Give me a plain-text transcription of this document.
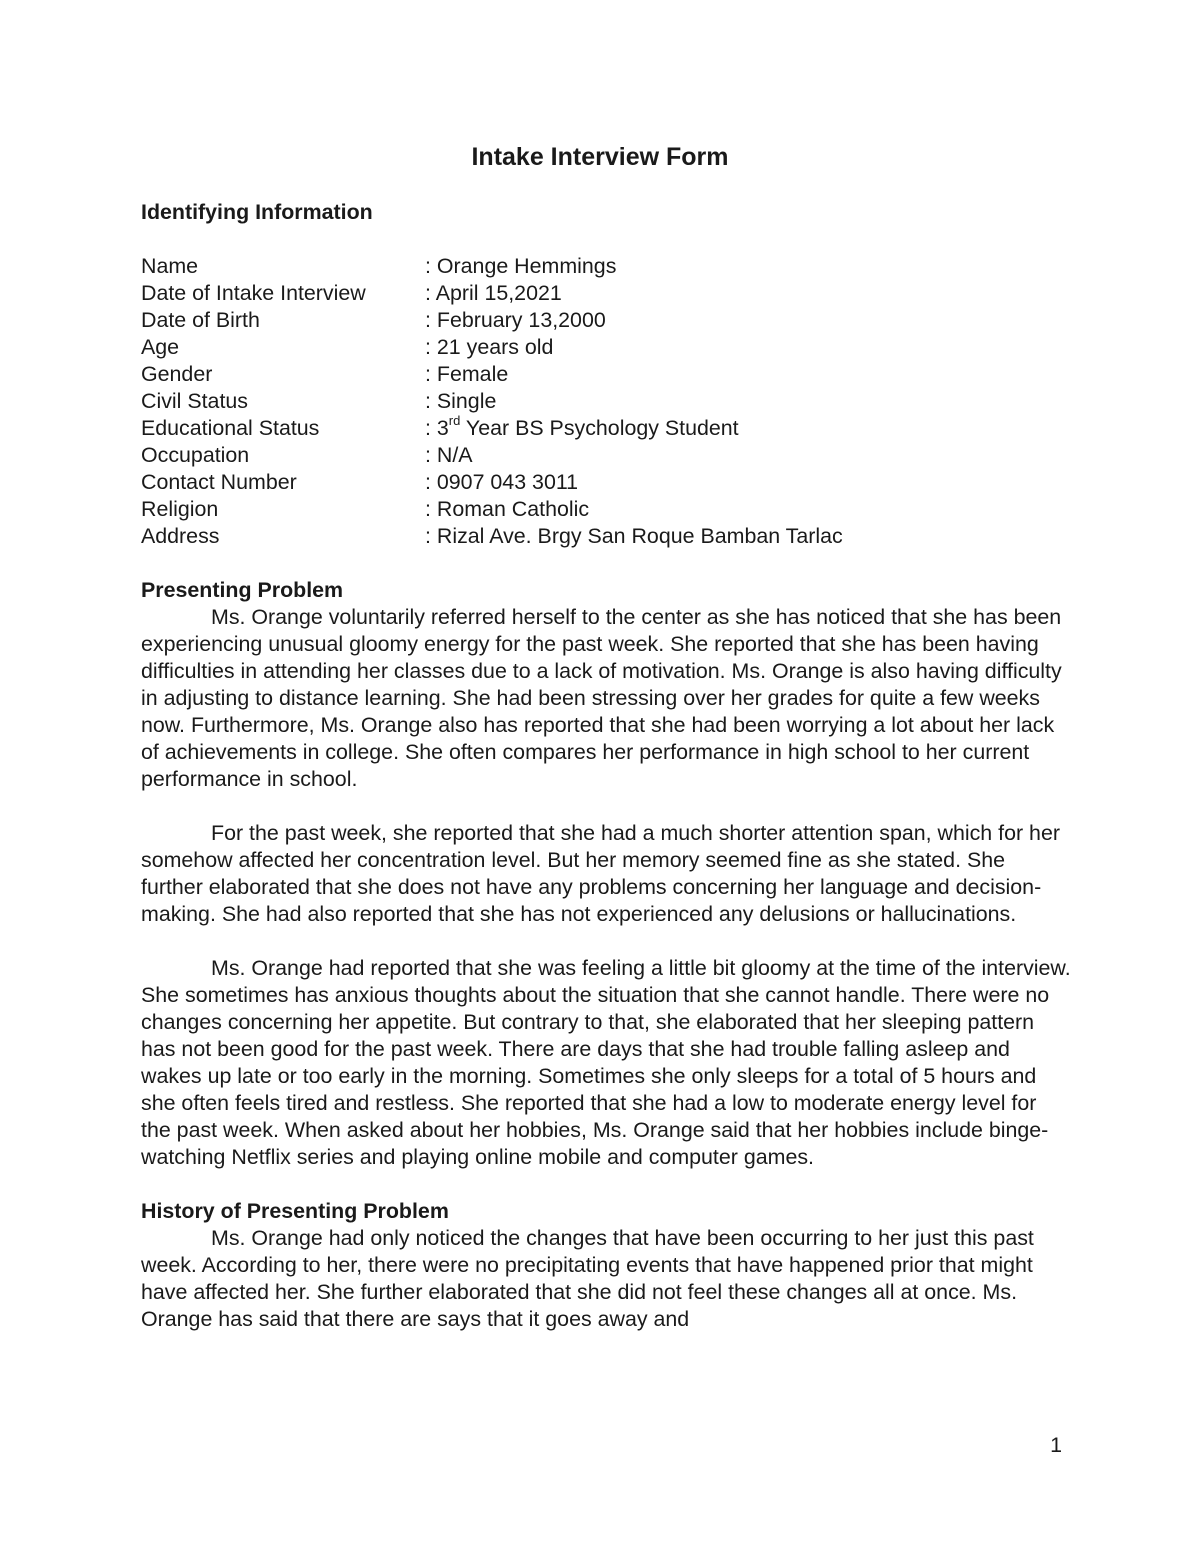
Intake Interview Form

Identifying Information

Name	: Orange Hemmings
Date of Intake Interview	: April 15,2021
Date of Birth	: February 13,2000
Age	: 21 years old
Gender	: Female
Civil Status	: Single
Educational Status	: 3rd Year BS Psychology Student
Occupation	: N/A
Contact Number	: 0907 043 3011
Religion	: Roman Catholic
Address	: Rizal Ave. Brgy San Roque Bamban Tarlac

Presenting Problem

Ms. Orange voluntarily referred herself to the center as she has noticed that she has been experiencing unusual gloomy energy for the past week. She reported that she has been having difficulties in attending her classes due to a lack of motivation. Ms. Orange is also having difficulty in adjusting to distance learning. She had been stressing over her grades for quite a few weeks now. Furthermore, Ms. Orange also has reported that she had been worrying a lot about her lack of achievements in college. She often compares her performance in high school to her current performance in school.

For the past week, she reported that she had a much shorter attention span, which for her somehow affected her concentration level. But her memory seemed fine as she stated. She further elaborated that she does not have any problems concerning her language and decision-making. She had also reported that she has not experienced any delusions or hallucinations.

Ms. Orange had reported that she was feeling a little bit gloomy at the time of the interview. She sometimes has anxious thoughts about the situation that she cannot handle. There were no changes concerning her appetite. But contrary to that, she elaborated that her sleeping pattern has not been good for the past week. There are days that she had trouble falling asleep and wakes up late or too early in the morning. Sometimes she only sleeps for a total of 5 hours and she often feels tired and restless. She reported that she had a low to moderate energy level for the past week. When asked about her hobbies, Ms. Orange said that her hobbies include binge-watching Netflix series and playing online mobile and computer games.

History of Presenting Problem

Ms. Orange had only noticed the changes that have been occurring to her just this past week. According to her, there were no precipitating events that have happened prior that might have affected her. She further elaborated that she did not feel these changes all at once. Ms. Orange has said that there are says that it goes away and

1
